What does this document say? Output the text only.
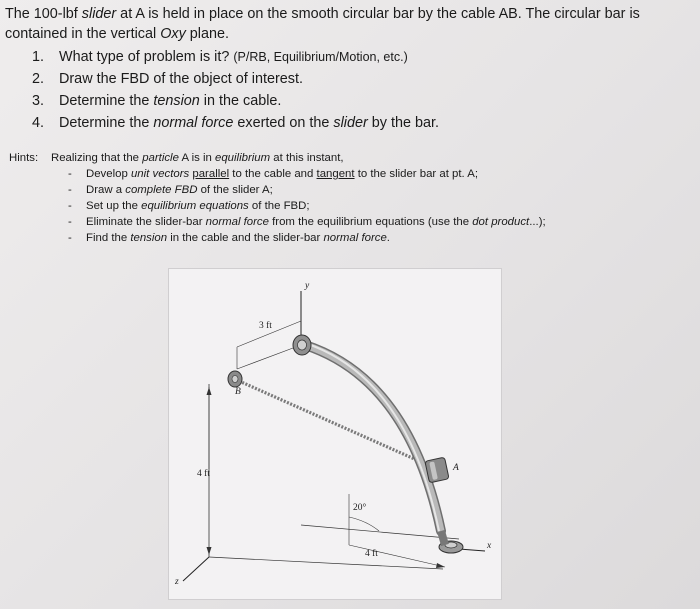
The 100-lbf slider at A is held in place on the smooth circular bar by the cable AB. The circular bar is contained in the vertical Oxy plane.

1.	What type of problem is it? (P/RB, Equilibrium/Motion, etc.)
2.	Draw the FBD of the object of interest.
3.	Determine the tension in the cable.
4.	Determine the normal force exerted on the slider by the bar.
Hints:	Realizing that the particle A is in equilibrium at this instant,
-	Develop unit vectors parallel to the cable and tangent to the slider bar at pt. A;
-	Draw a complete FBD of the slider A;
-	Set up the equilibrium equations of the FBD;
-	Eliminate the slider-bar normal force from the equilibrium equations (use the dot product...);
-	Find the tension in the cable and the slider-bar normal force.
y
3 ft
B
4 ft
A
20°
4 ft
x
z
